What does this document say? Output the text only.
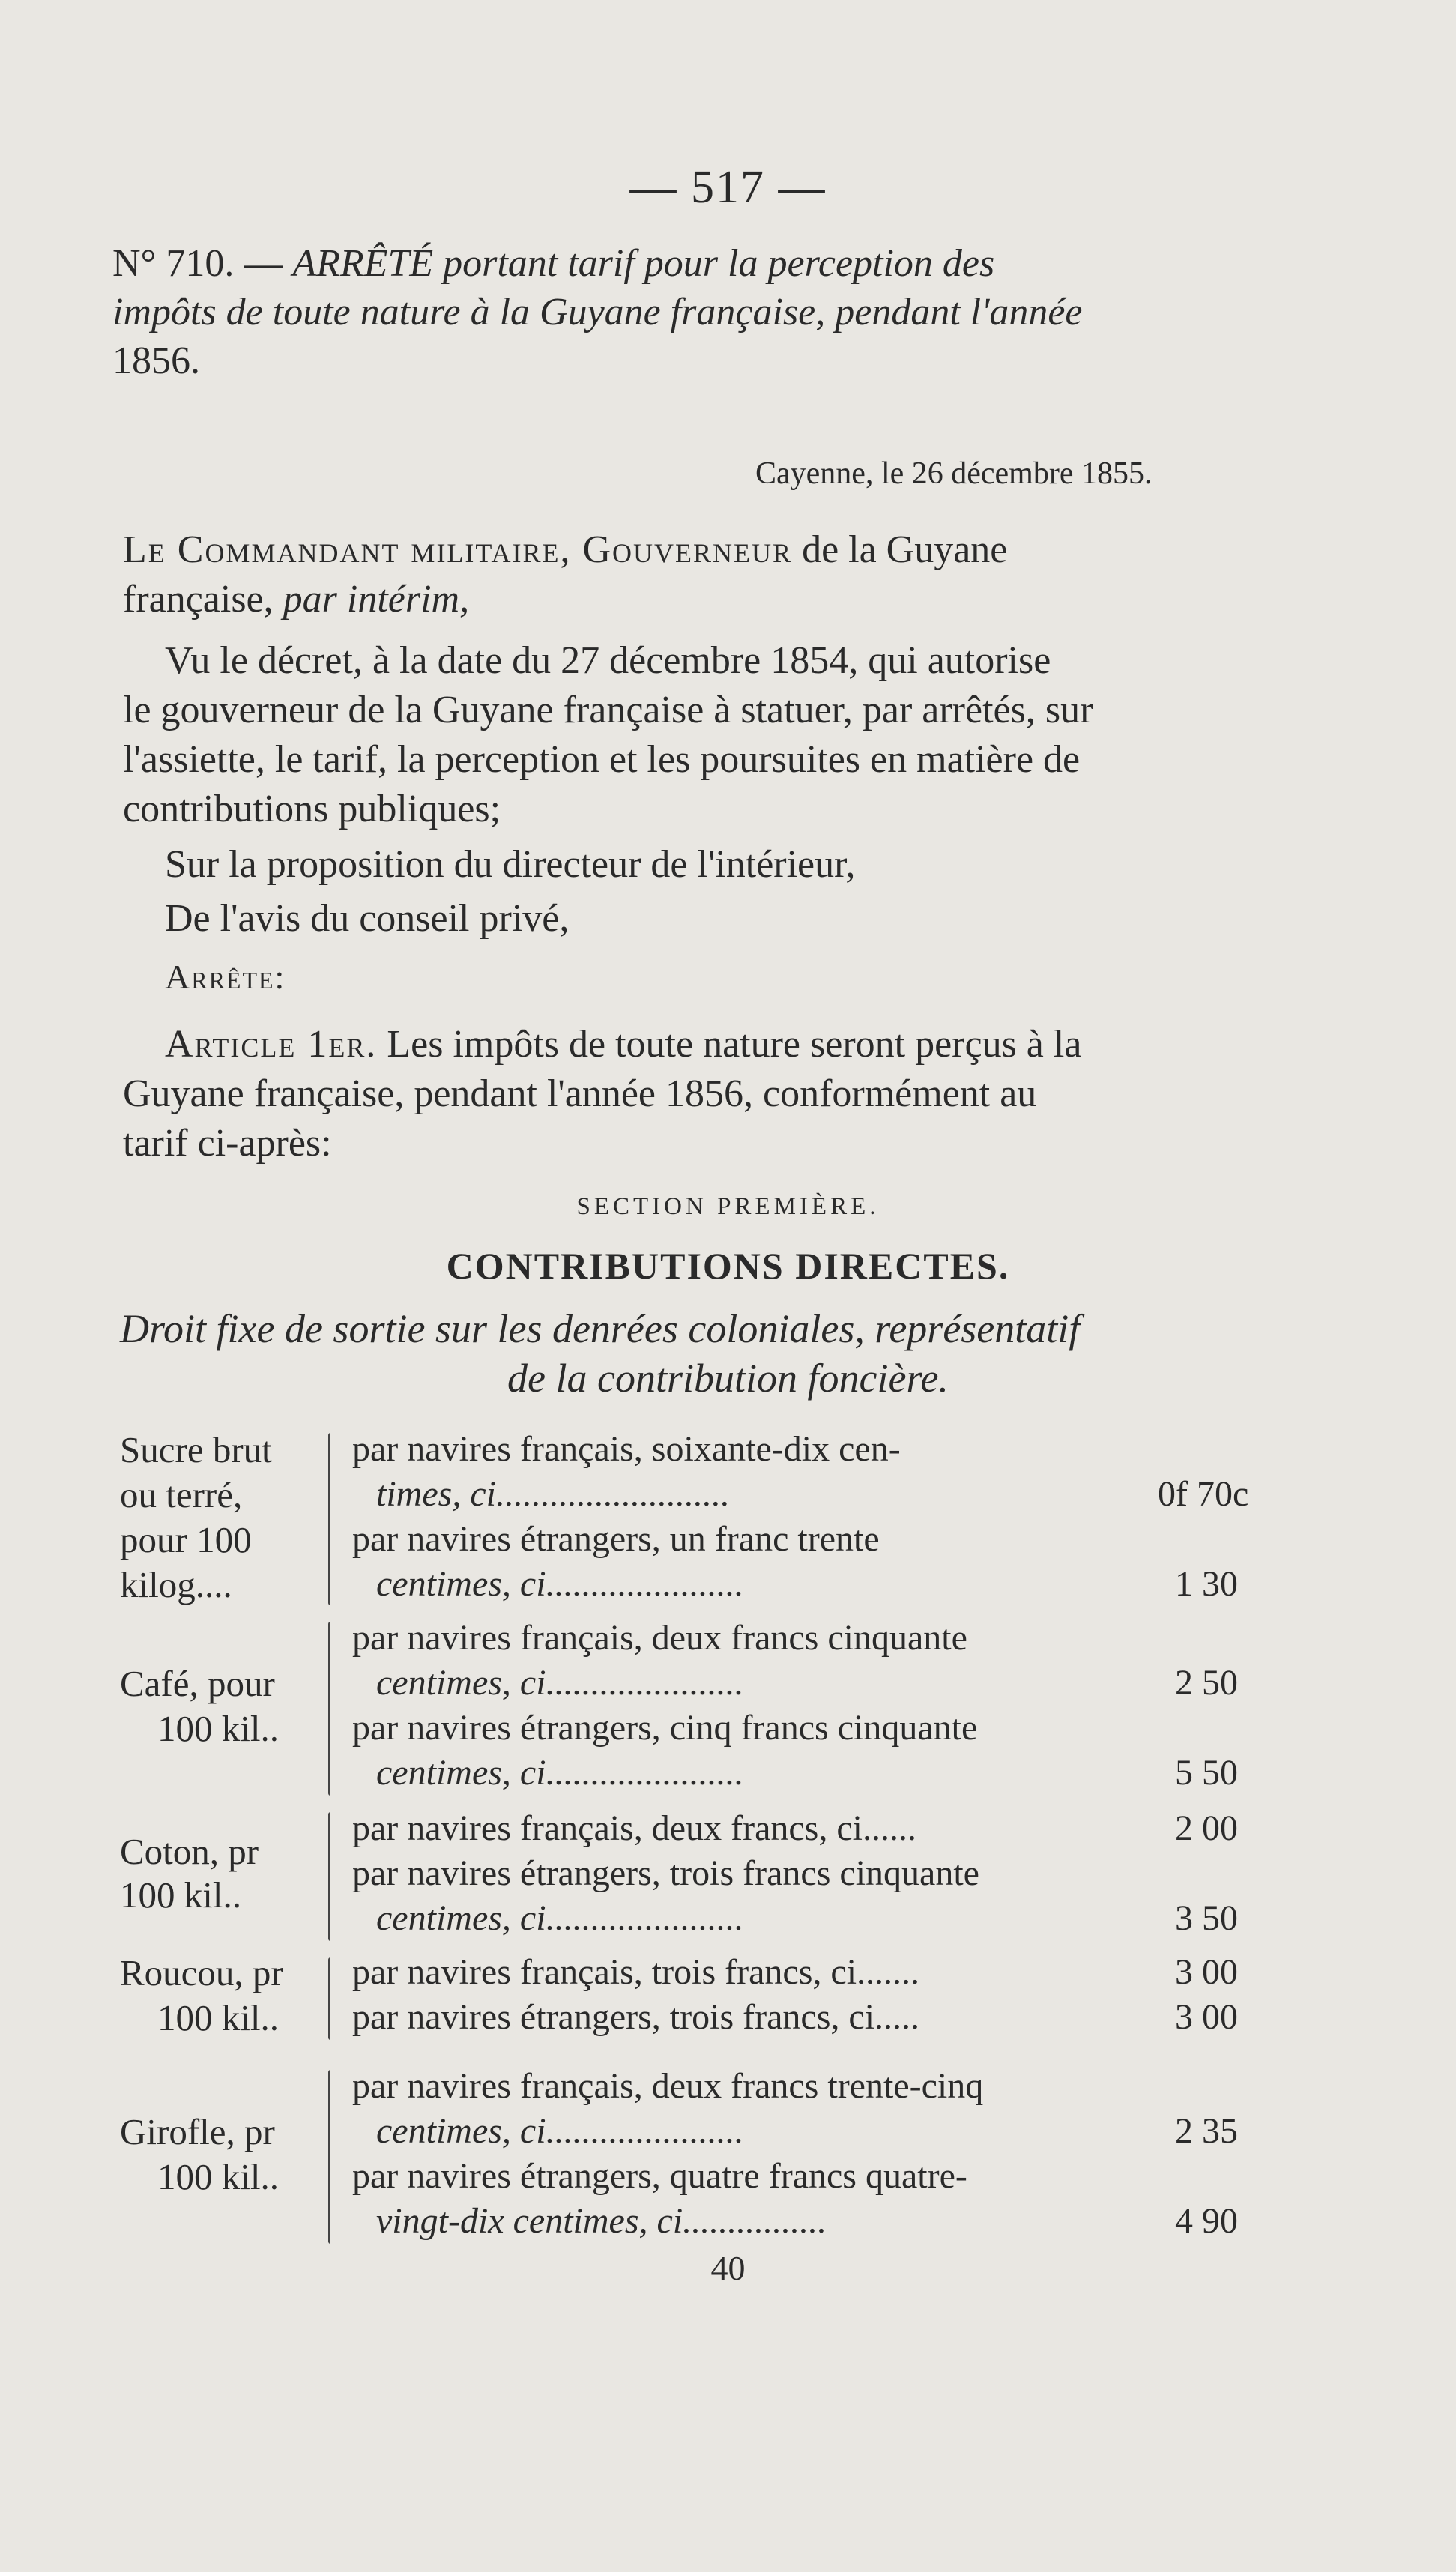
— 517 —
N° 710. — ARRÊTÉ portant tarif pour la perception des
impôts de toute nature à la Guyane française, pendant l'année
1856.
Cayenne, le 26 décembre 1855.
Le Commandant militaire, Gouverneur de la Guyane
française, par intérim,
Vu le décret, à la date du 27 décembre 1854, qui autorise
le gouverneur de la Guyane française à statuer, par arrêtés, sur
l'assiette, le tarif, la perception et les poursuites en matière de
contributions publiques;
Sur la proposition du directeur de l'intérieur,
De l'avis du conseil privé,
Arrête:
Article 1er. Les impôts de toute nature seront perçus à la
Guyane française, pendant l'année 1856, conformément au
tarif ci-après:
SECTION PREMIÈRE.
CONTRIBUTIONS DIRECTES.
Droit fixe de sortie sur les denrées coloniales, représentatif
de la contribution foncière.
Sucre brut
ou terré,
pour 100
kilog....
par navires français, soixante-dix cen-
times, ci..........................
par navires étrangers, un franc trente
centimes, ci......................
0f 70c
1 30
Café, pour
100 kil..
par navires français, deux francs cinquante
centimes, ci......................
par navires étrangers, cinq francs cinquante
centimes, ci......................
2 50
5 50
Coton, pr
100 kil..
par navires français, deux francs, ci......
par navires étrangers, trois francs cinquante
centimes, ci......................
2 00
3 50
Roucou, pr
100 kil..
par navires français, trois francs, ci.......
par navires étrangers, trois francs, ci.....
3 00
3 00
Girofle, pr
100 kil..
par navires français, deux francs trente-cinq
centimes, ci......................
par navires étrangers, quatre francs quatre-
vingt-dix centimes, ci................
2 35
4 90
40
